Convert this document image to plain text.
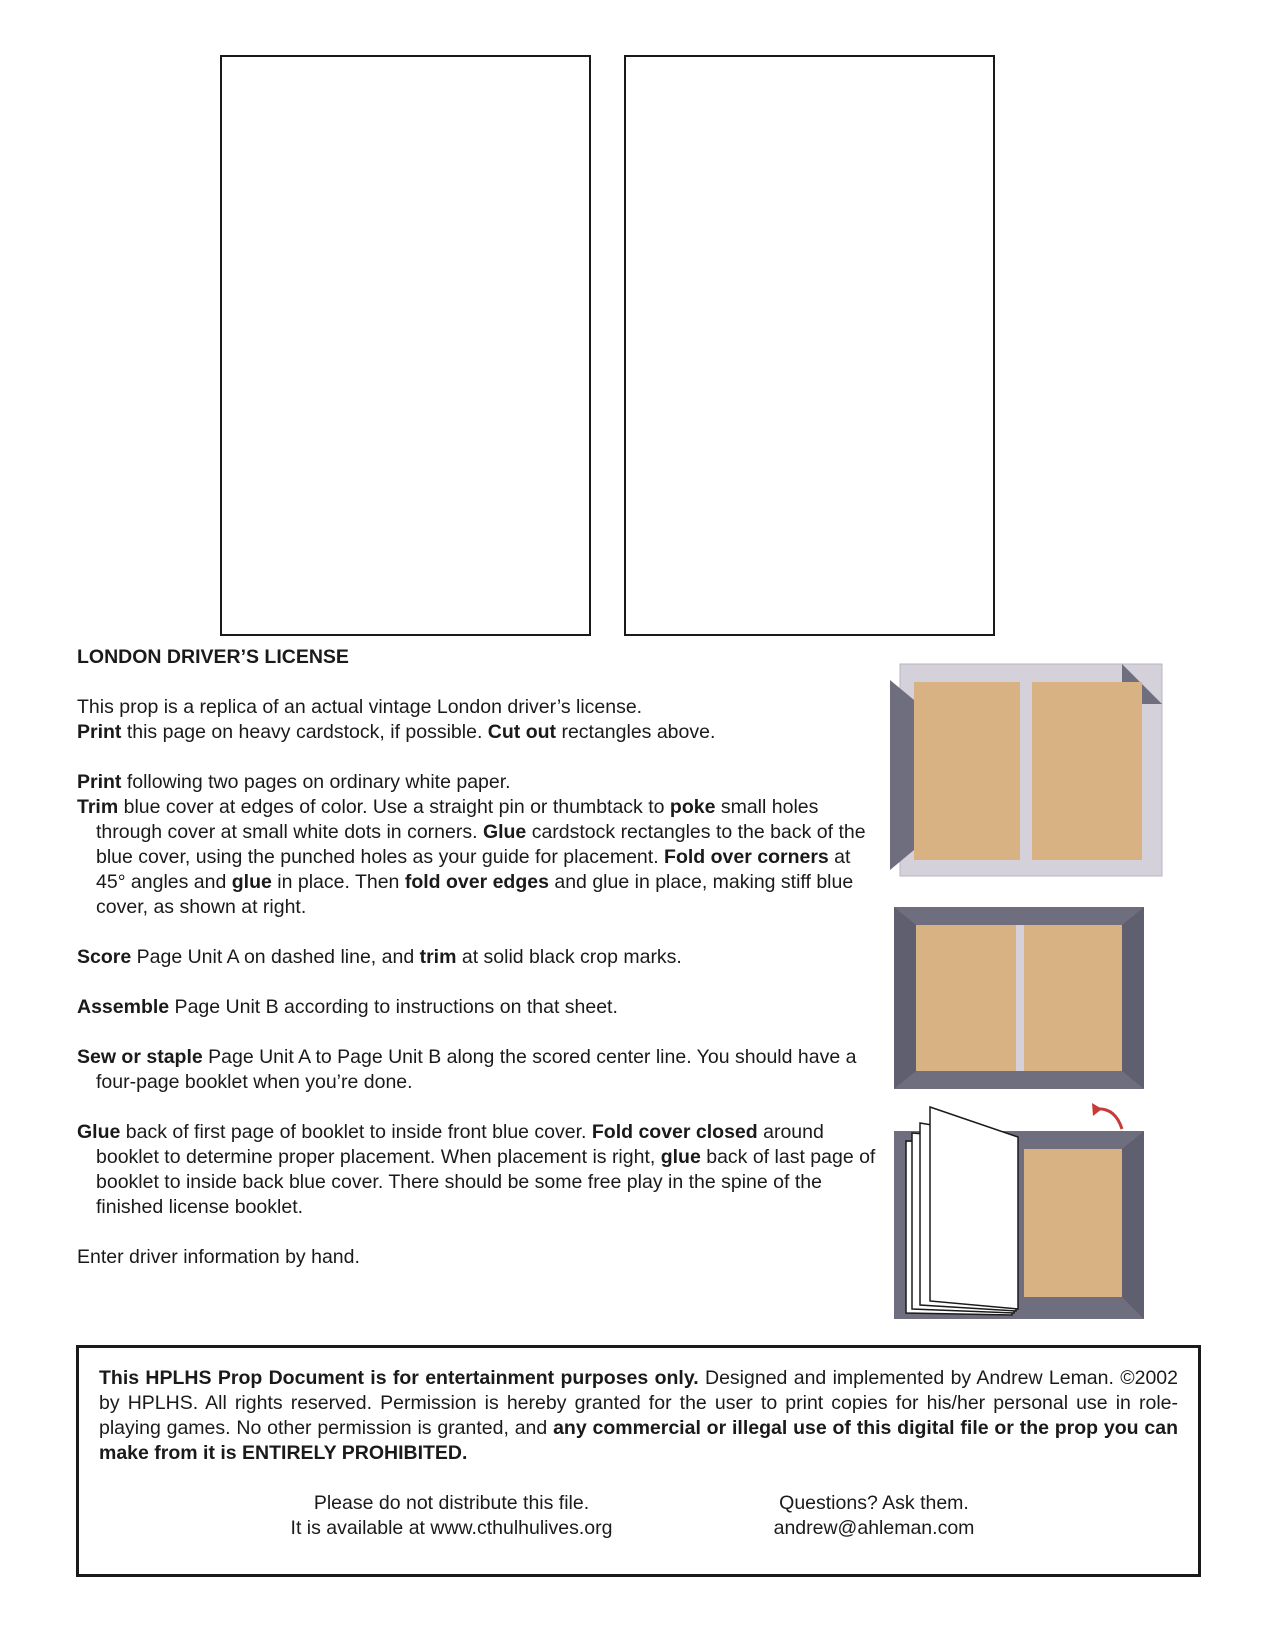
LONDON DRIVER’S LICENSE

This prop is a replica of an actual vintage London driver’s license.

Print this page on heavy cardstock, if possible. Cut out rectangles above.

Print following two pages on ordinary white paper.

Trim blue cover at edges of color. Use a straight pin or thumbtack to poke small holes through cover at small white dots in corners. Glue cardstock rectangles to the back of the blue cover, using the punched holes as your guide for placement. Fold over corners at 45° angles and glue in place. Then fold over edges and glue in place, making stiff blue cover, as shown at right.

Score Page Unit A on dashed line, and trim at solid black crop marks.

Assemble Page Unit B according to instructions on that sheet.

Sew or staple Page Unit A to Page Unit B along the scored center line. You should have a four-page booklet when you’re done.

Glue back of first page of booklet to inside front blue cover. Fold cover closed around booklet to determine proper placement. When placement is right, glue back of last page of booklet to inside back blue cover. There should be some free play in the spine of the finished license booklet.

Enter driver information by hand.

This HPLHS Prop Document is for entertainment purposes only. Designed and implemented by Andrew Leman. ©2002 by HPLHS. All rights reserved. Permission is hereby granted for the user to print copies for his/her personal use in role-playing games. No other permission is granted, and any commercial or illegal use of this digital file or the prop you can make from it is ENTIRELY PROHIBITED.

Please do not distribute this file.
It is available at www.cthulhulives.org
Questions? Ask them.
andrew@ahleman.com
